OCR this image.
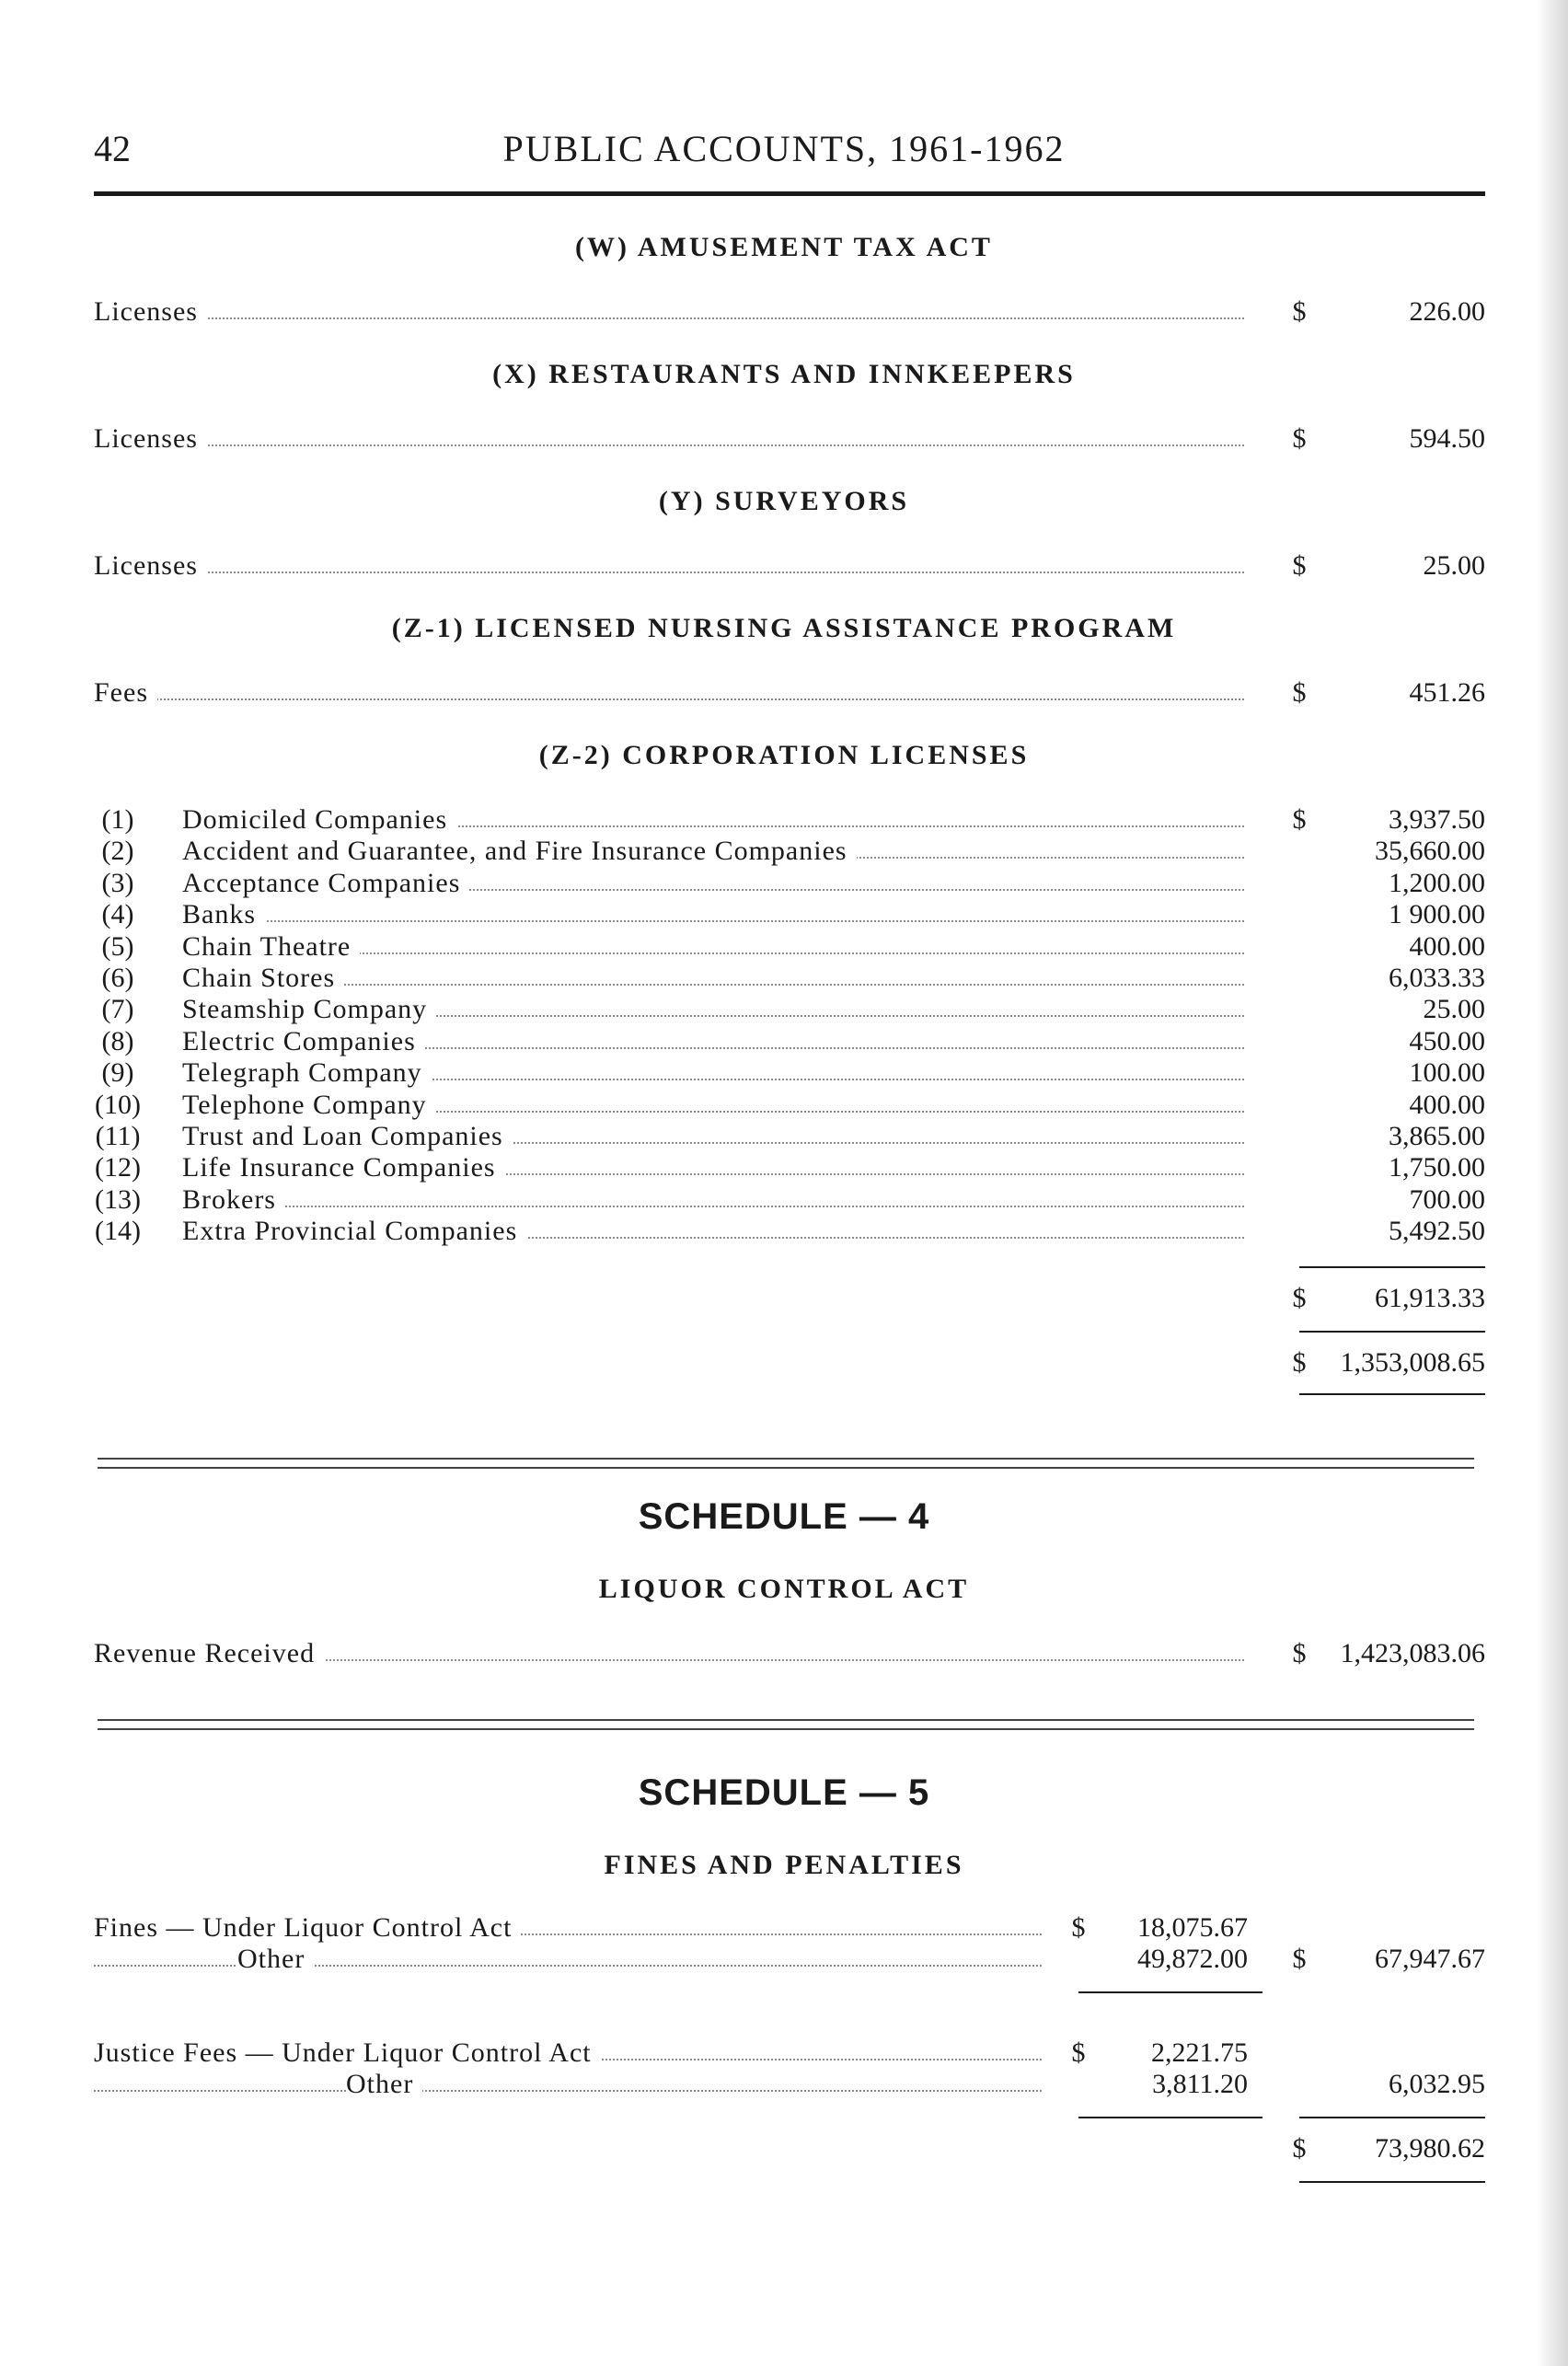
42	PUBLIC ACCOUNTS, 1961-1962
(W) AMUSEMENT TAX ACT
Licenses	$	226.00
(X) RESTAURANTS AND INNKEEPERS
Licenses	$	594.50
(Y) SURVEYORS
Licenses	$	25.00
(Z-1) LICENSED NURSING ASSISTANCE PROGRAM
Fees	$	451.26
(Z-2) CORPORATION LICENSES
(1) Domiciled Companies	$	3,937.50
(2) Accident and Guarantee, and Fire Insurance Companies	35,660.00
(3) Acceptance Companies	1,200.00
(4) Banks	1 900.00
(5) Chain Theatre	400.00
(6) Chain Stores	6,033.33
(7) Steamship Company	25.00
(8) Electric Companies	450.00
(9) Telegraph Company	100.00
(10) Telephone Company	400.00
(11) Trust and Loan Companies	3,865.00
(12) Life Insurance Companies	1,750.00
(13) Brokers	700.00
(14) Extra Provincial Companies	5,492.50
$ 61,913.33
$ 1,353,008.65
SCHEDULE — 4
LIQUOR CONTROL ACT
Revenue Received	$ 1,423,083.06
SCHEDULE — 5
FINES AND PENALTIES
Fines — Under Liquor Control Act	$ 18,075.67
Other	49,872.00 $ 67,947.67
Justice Fees — Under Liquor Control Act	$ 2,221.75
Other	3,811.20	6,032.95
$ 73,980.62
